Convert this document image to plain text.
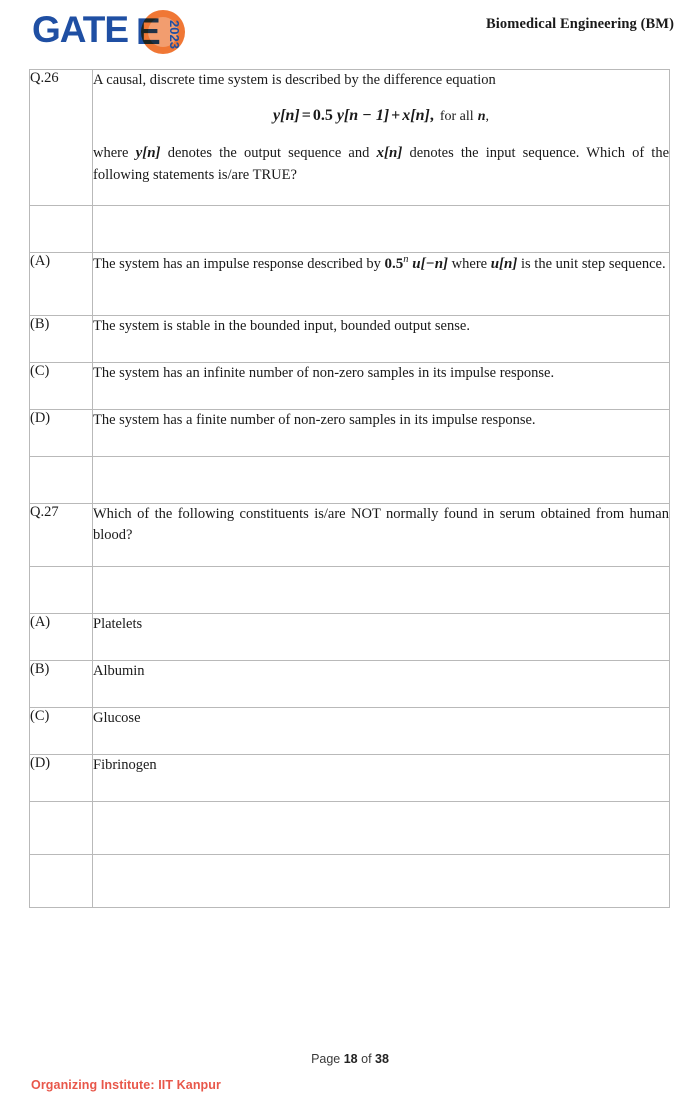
GATE E 2023	Biomedical Engineering (BM)
Q.26	A causal, discrete time system is described by the difference equation
y[n] = 0.5 y[n − 1] + x[n], for all n,
where y[n] denotes the output sequence and x[n] denotes the input sequence. Which of the following statements is/are TRUE?

(A)	The system has an impulse response described by 0.5$^n$ u[−n] where u[n] is the unit step sequence.
(B)	The system is stable in the bounded input, bounded output sense.
(C)	The system has an infinite number of non-zero samples in its impulse response.
(D)	The system has a finite number of non-zero samples in its impulse response.

Q.27	Which of the following constituents is/are NOT normally found in serum obtained from human blood?

(A)	Platelets
(B)	Albumin
(C)	Glucose
(D)	Fibrinogen

Page 18 of 38
Organizing Institute: IIT Kanpur
